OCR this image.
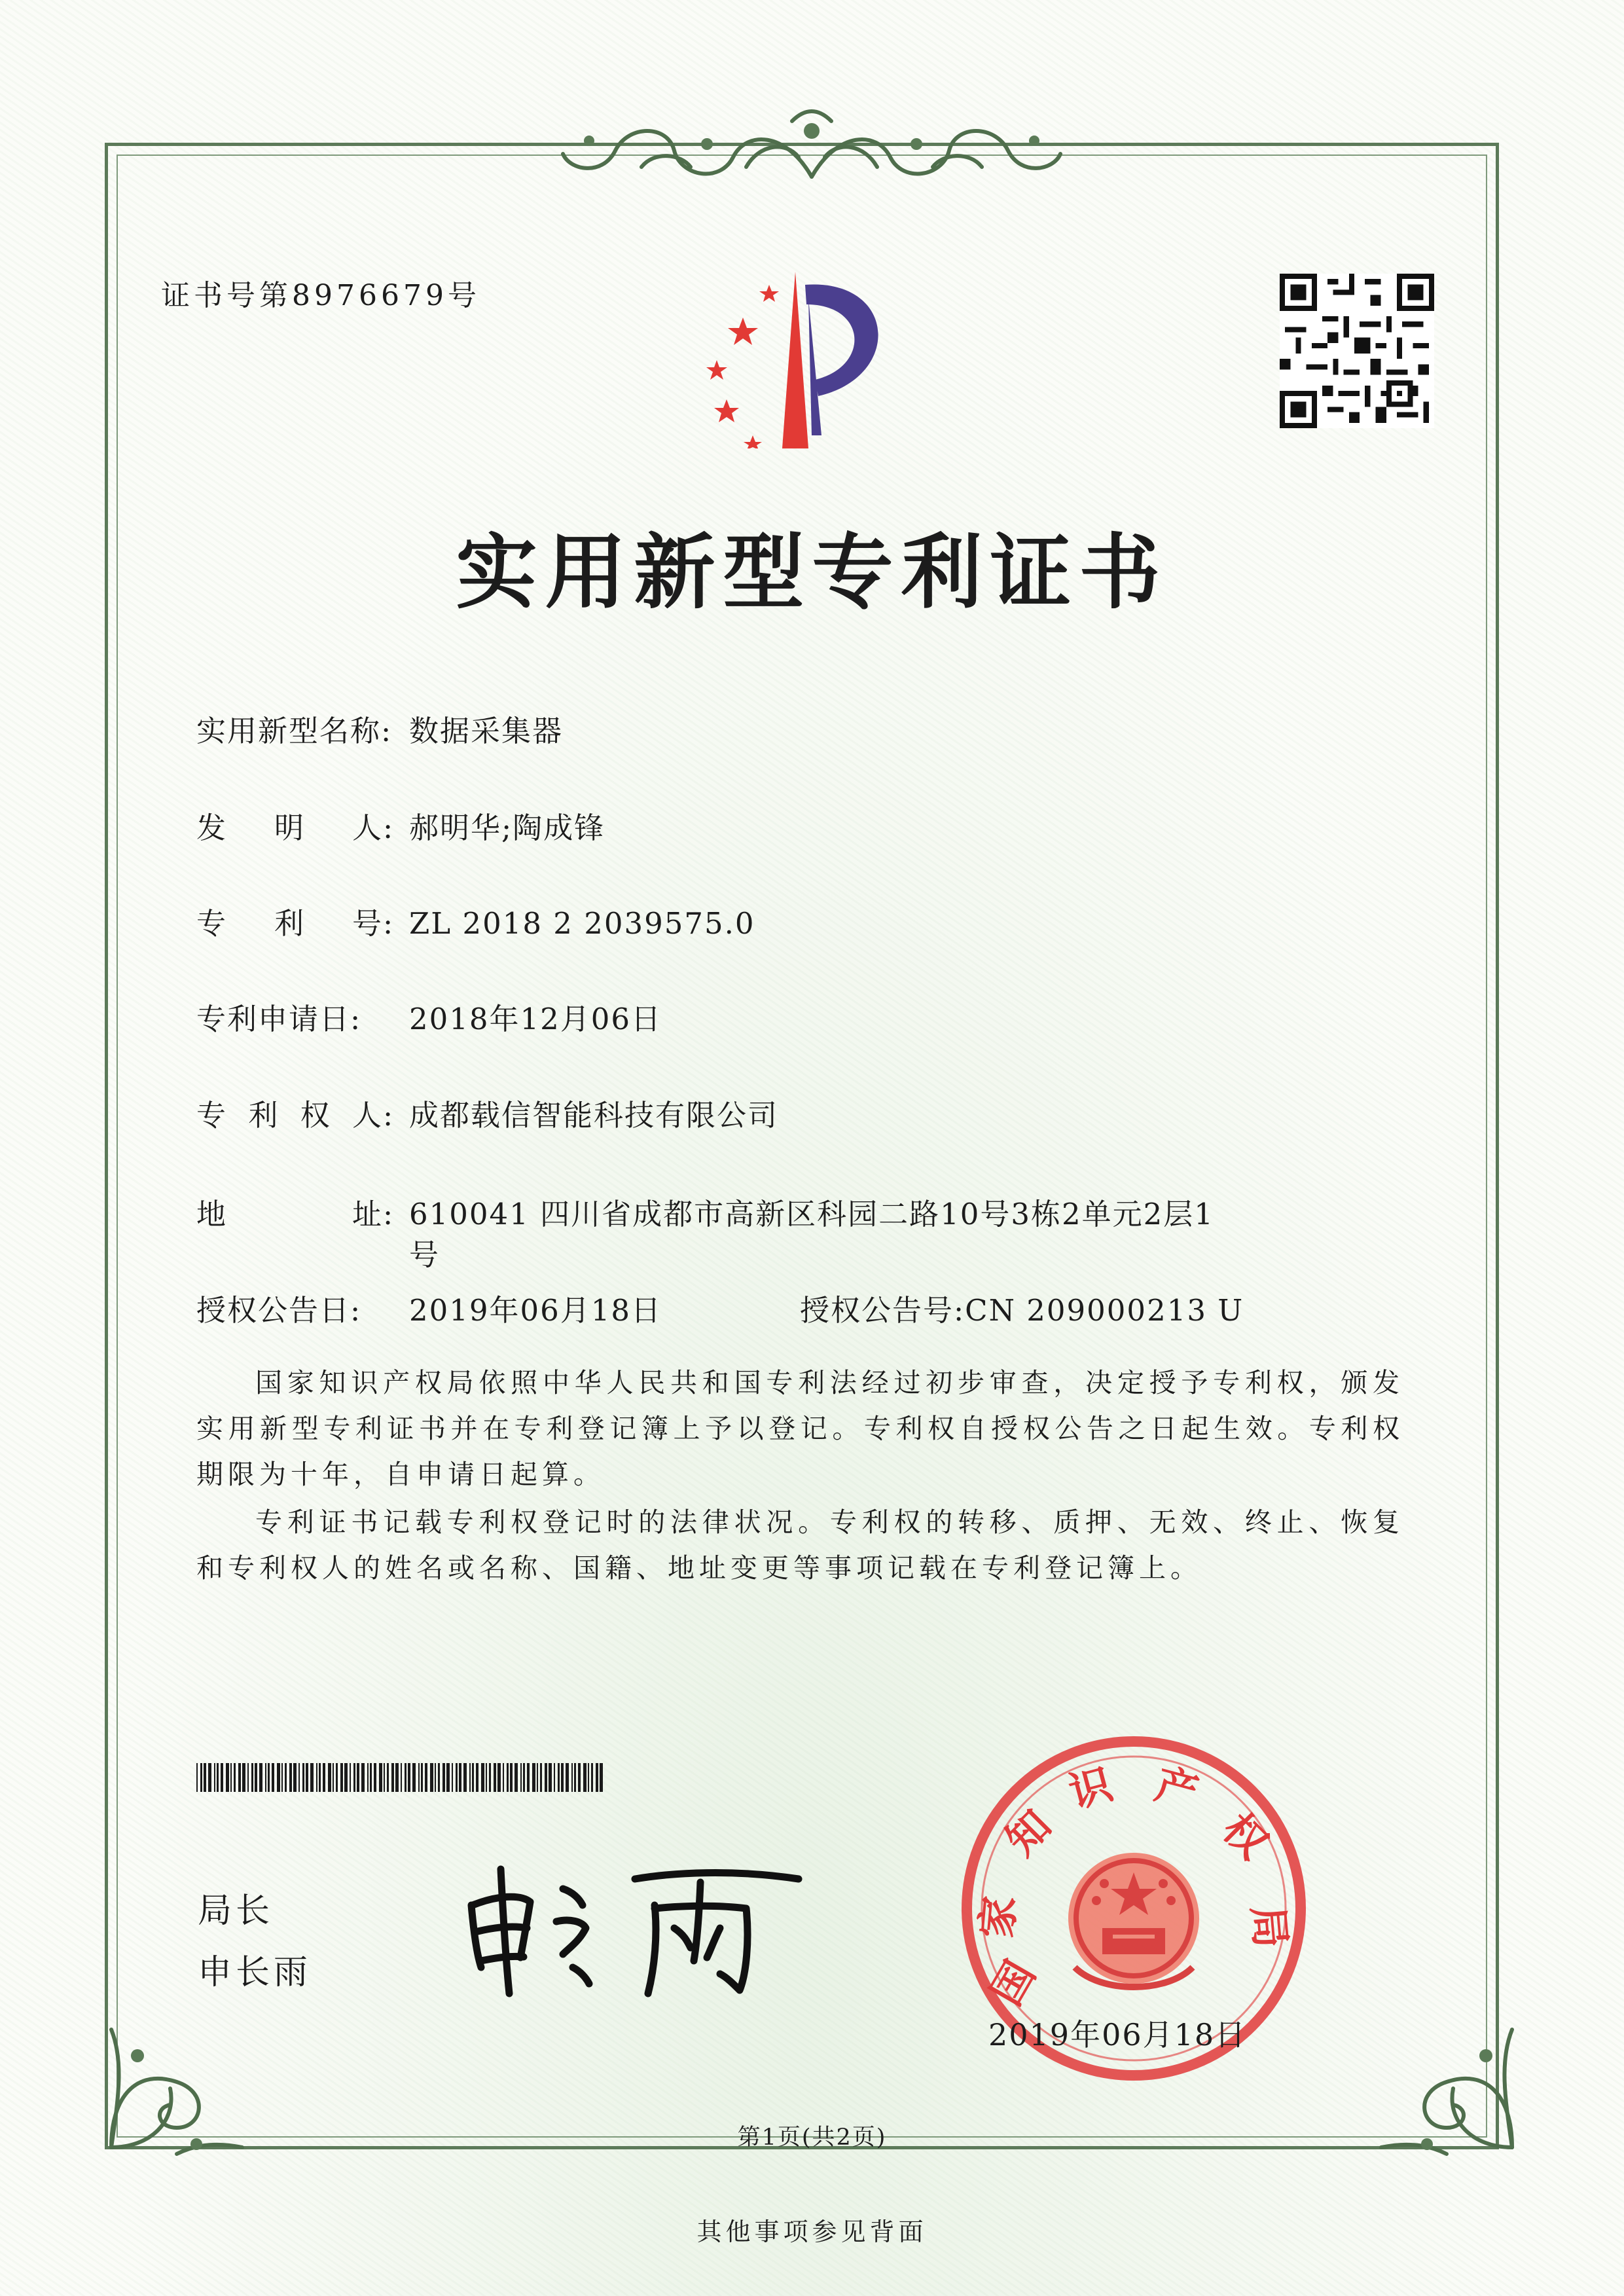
证书号第8976679号
实用新型专利证书
实用新型名称: 数据采集器
发 明 人 : 郝明华;陶成锋
专 利 号 : ZL 2018 2 2039575.0
专利申请日: 2018年12月06日
专 利 权 人 : 成都载信智能科技有限公司
地	址 : 610041 四川省成都市高新区科园二路10号3栋2单元2层1
号
授权公告日: 2019年06月18日	授权公告号:CN 209000213 U
国家知识产权局依照中华人民共和国专利法经过初步审查，决定授予专利权，颁发实用新型专利证书并在专利登记簿上予以登记。专利权自授权公告之日起生效。专利权期限为十年，自申请日起算。
专利证书记载专利权登记时的法律状况。专利权的转移、质押、无效、终止、恢复和专利权人的姓名或名称、国籍、地址变更等事项记载在专利登记簿上。
局长
申长雨	国
家
知
识 产
权
局
2019年06月18日
第1页(共2页)
其他事项参见背面
